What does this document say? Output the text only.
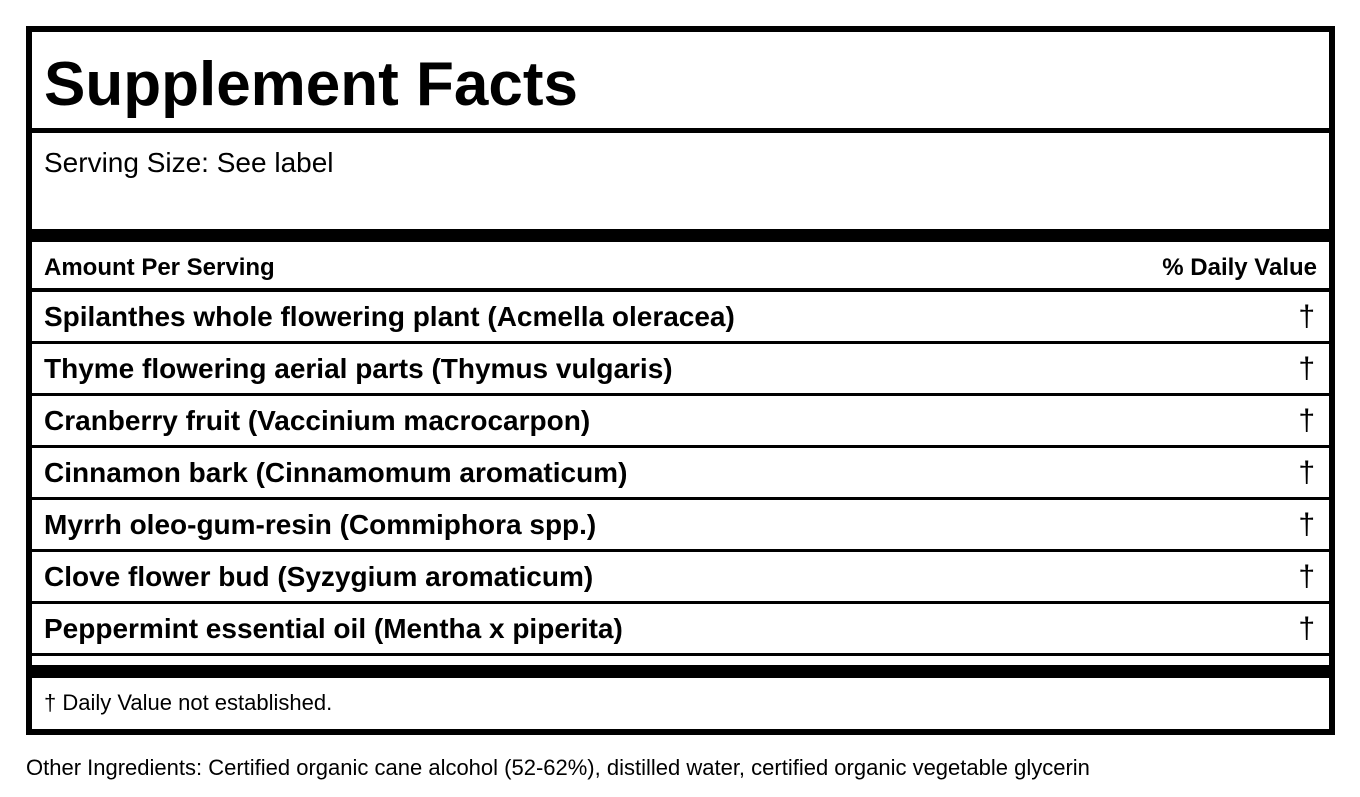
Supplement Facts
Serving Size: See label
Amount Per Serving	% Daily Value
Spilanthes whole flowering plant (Acmella oleracea)	†
Thyme flowering aerial parts (Thymus vulgaris)	†
Cranberry fruit (Vaccinium macrocarpon)	†
Cinnamon bark (Cinnamomum aromaticum)	†
Myrrh oleo-gum-resin (Commiphora spp.)	†
Clove flower bud (Syzygium aromaticum)	†
Peppermint essential oil (Mentha x piperita)	†
† Daily Value not established.
Other Ingredients: Certified organic cane alcohol (52-62%), distilled water, certified organic vegetable glycerin
